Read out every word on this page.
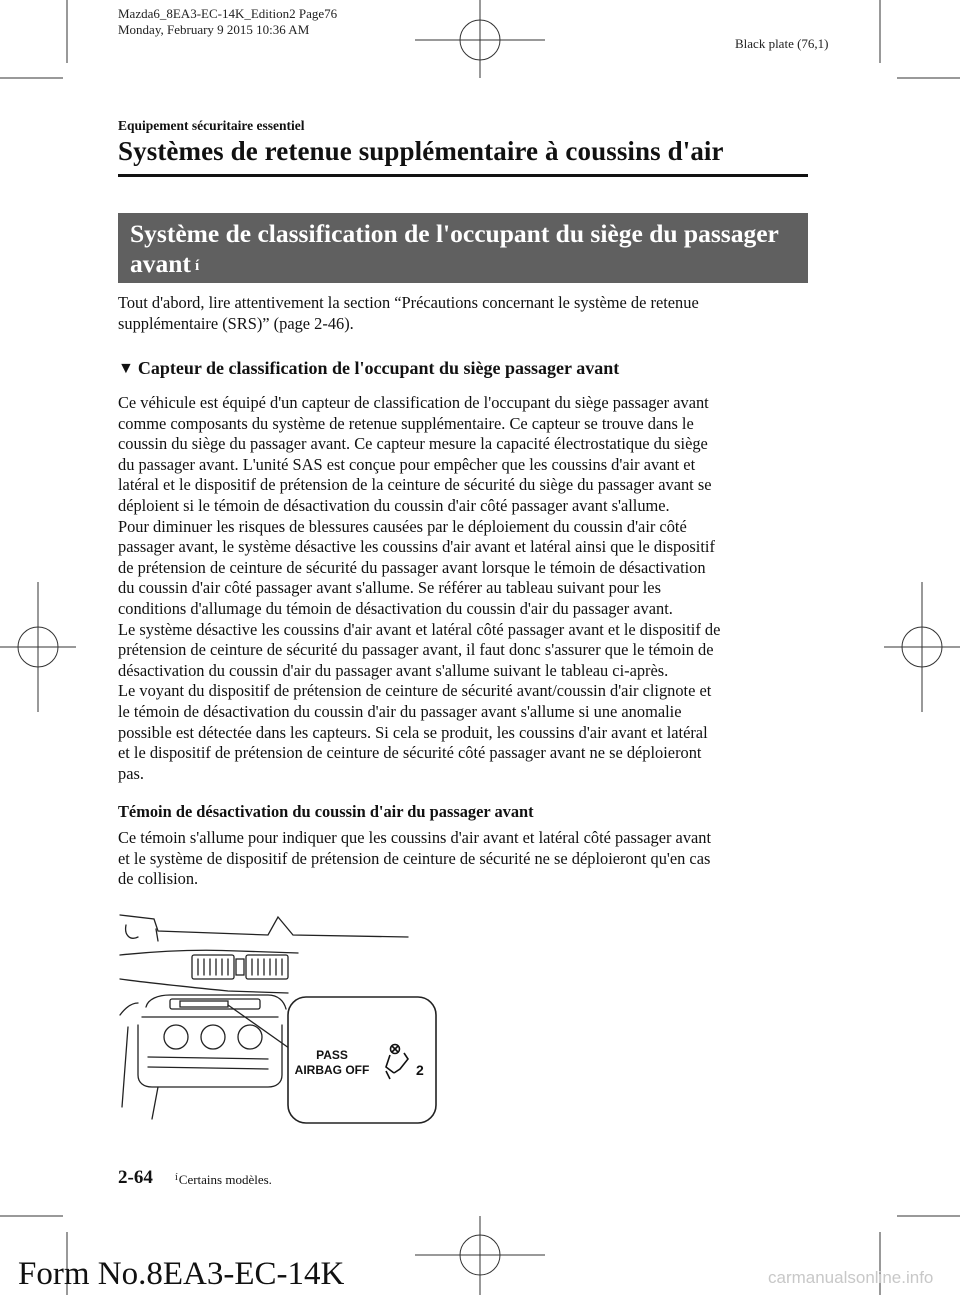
Mazda6_8EA3-EC-14K_Edition2 Page76
Monday, February 9 2015 10:36 AM
Black plate (76,1)
Equipement sécuritaire essentiel
Systèmes de retenue supplémentaire à coussins d'air
Système de classification de l'occupant du siège du passager
avant $^í$
Tout d'abord, lire attentivement la section “Précautions concernant le système de retenue
supplémentaire (SRS)” (page 2-46).
▼ Capteur de classification de l'occupant du siège passager avant
Ce véhicule est équipé d'un capteur de classification de l'occupant du siège passager avant
comme composants du système de retenue supplémentaire. Ce capteur se trouve dans le
coussin du siège du passager avant. Ce capteur mesure la capacité électrostatique du siège
du passager avant. L'unité SAS est conçue pour empêcher que les coussins d'air avant et
latéral et le dispositif de prétension de la ceinture de sécurité du siège du passager avant se
déploient si le témoin de désactivation du coussin d'air côté passager avant s'allume.
Pour diminuer les risques de blessures causées par le déploiement du coussin d'air côté
passager avant, le système désactive les coussins d'air avant et latéral ainsi que le dispositif
de prétension de ceinture de sécurité du passager avant lorsque le témoin de désactivation
du coussin d'air côté passager avant s'allume. Se référer au tableau suivant pour les
conditions d'allumage du témoin de désactivation du coussin d'air du passager avant.
Le système désactive les coussins d'air avant et latéral côté passager avant et le dispositif de
prétension de ceinture de sécurité du passager avant, il faut donc s'assurer que le témoin de
désactivation du coussin d'air du passager avant s'allume suivant le tableau ci-après.
Le voyant du dispositif de prétension de ceinture de sécurité avant/coussin d'air clignote et
le témoin de désactivation du coussin d'air du passager avant s'allume si une anomalie
possible est détectée dans les capteurs. Si cela se produit, les coussins d'air avant et latéral
et le dispositif de prétension de ceinture de sécurité côté passager avant ne se déploieront
pas.
Témoin de désactivation du coussin d'air du passager avant
Ce témoin s'allume pour indiquer que les coussins d'air avant et latéral côté passager avant
et le système de dispositif de prétension de ceinture de sécurité ne se déploieront qu'en cas
de collision.
PASS
AIRBAG OFF	2
2-64 $^í$Certains modèles.
Form No.8EA3-EC-14K	carmanualsonline.info
